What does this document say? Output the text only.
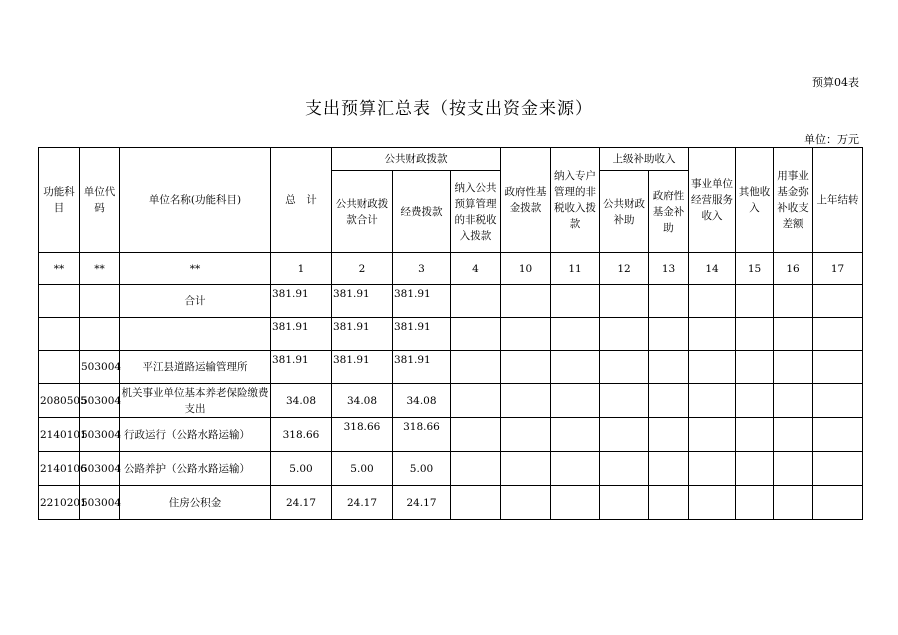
预算04表
支出预算汇总表（按支出资金来源）
单位：万元
功能科目	单位代码	单位名称(功能科目)	总　计	公共财政拨款			政府性基金拨款	纳入专户管理的非税收入拨款	上级补助收入		事业单位经营服务收入	其他收入	用事业基金弥补收支差额	上年结转
				公共财政拨款合计	经费拨款	纳入公共预算管理的非税收入拨款			公共财政补助	政府性基金补助				

**	**	**	1	2	3	4	10	11	12	13	14	15	16	17
		合计	381.91	381.91	381.91									
			381.91	381.91	381.91									
	503004	平江县道路运输管理所	381.91	381.91	381.91									
2080505	503004	机关事业单位基本养老保险缴费支出	34.08	34.08	34.08									
2140101	503004	行政运行（公路水路运输）	318.66	318.66	318.66									
2140106	503004	公路养护（公路水路运输）	5.00	5.00	5.00									
2210201	503004	住房公积金	24.17	24.17	24.17									
